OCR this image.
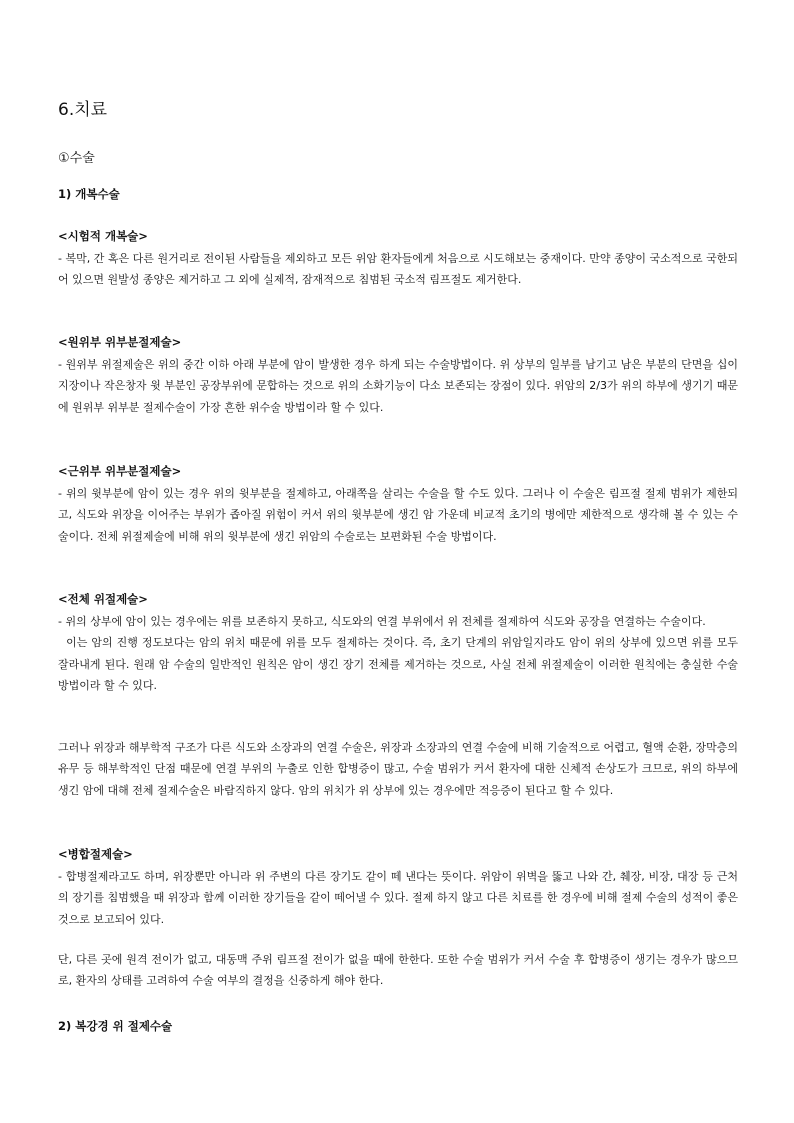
6.치료
①수술
1) 개복수술
<시험적 개복술>

- 복막, 간 혹은 다른 원거리로 전이된 사람들을 제외하고 모든 위암 환자들에게 처음으로 시도해보는 중재이다. 만약 종양이 국소적으로 국한되어 있으면 원발성 종양은 제거하고 그 외에 실제적, 잠재적으로 침범된 국소적 림프절도 제거한다.

<원위부 위부분절제술>

- 원위부 위절제술은 위의 중간 이하 아래 부분에 암이 발생한 경우 하게 되는 수술방법이다. 위 상부의 일부를 남기고 남은 부분의 단면을 십이지장이나 작은창자 윗 부분인 공장부위에 문합하는 것으로 위의 소화기능이 다소 보존되는 장점이 있다. 위암의 2/3가 위의 하부에 생기기 때문에 원위부 위부분 절제수술이 가장 흔한 위수술 방법이라 할 수 있다.

<근위부 위부분절제술>

- 위의 윗부분에 암이 있는 경우 위의 윗부분을 절제하고, 아래쪽을 살리는 수술을 할 수도 있다. 그러나 이 수술은 림프절 절제 범위가 제한되고, 식도와 위장을 이어주는 부위가 좁아질 위험이 커서 위의 윗부분에 생긴 암 가운데 비교적 초기의 병에만 제한적으로 생각해 볼 수 있는 수술이다. 전체 위절제술에 비해 위의 윗부분에 생긴 위암의 수술로는 보편화된 수술 방법이다.

<전체 위절제술>

- 위의 상부에 암이 있는 경우에는 위를 보존하지 못하고, 식도와의 연결 부위에서 위 전체를 절제하여 식도와 공장을 연결하는 수술이다.

이는 암의 진행 정도보다는 암의 위치 때문에 위를 모두 절제하는 것이다. 즉, 초기 단계의 위암일지라도 암이 위의 상부에 있으면 위를 모두 잘라내게 된다. 원래 암 수술의 일반적인 원칙은 암이 생긴 장기 전체를 제거하는 것으로, 사실 전체 위절제술이 이러한 원칙에는 충실한 수술 방법이라 할 수 있다.

그러나 위장과 해부학적 구조가 다른 식도와 소장과의 연결 수술은, 위장과 소장과의 연결 수술에 비해 기술적으로 어렵고, 혈액 순환, 장막층의 유무 등 해부학적인 단점 때문에 연결 부위의 누출로 인한 합병증이 많고, 수술 범위가 커서 환자에 대한 신체적 손상도가 크므로, 위의 하부에 생긴 암에 대해 전체 절제수술은 바람직하지 않다. 암의 위치가 위 상부에 있는 경우에만 적응증이 된다고 할 수 있다.

<병합절제술>

- 합병절제라고도 하며, 위장뿐만 아니라 위 주변의 다른 장기도 같이 떼 낸다는 뜻이다. 위암이 위벽을 뚫고 나와 간, 췌장, 비장, 대장 등 근처의 장기를 침범했을 때 위장과 함께 이러한 장기들을 같이 떼어낼 수 있다. 절제 하지 않고 다른 치료를 한 경우에 비해 절제 수술의 성적이 좋은 것으로 보고되어 있다.

단, 다른 곳에 원격 전이가 없고, 대동맥 주위 림프절 전이가 없을 때에 한한다. 또한 수술 범위가 커서 수술 후 합병증이 생기는 경우가 많으므로, 환자의 상태를 고려하여 수술 여부의 결정을 신중하게 해야 한다.

2) 복강경 위 절제수술
